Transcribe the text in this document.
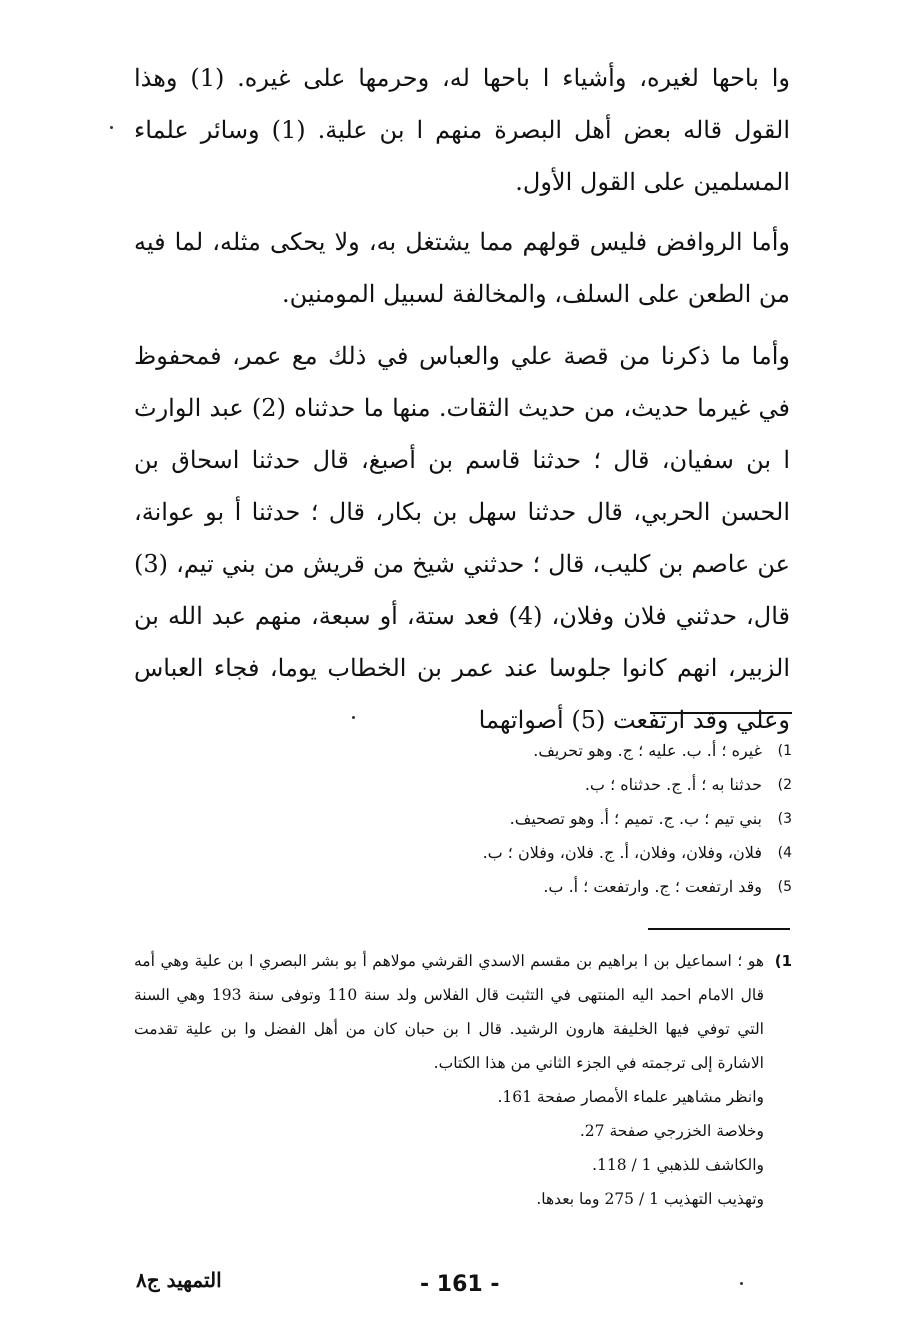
وا باحها لغيره، وأشياء ا باحها له، وحرمها على غيره. (1) وهذا القول قاله بعض أهل البصرة منهم ا بن علية. (1) وسائر علماء المسلمين على القول الأول.

وأما الروافض فليس قولهم مما يشتغل به، ولا يحكى مثله، لما فيه من الطعن على السلف، والمخالفة لسبيل المومنين.

وأما ما ذكرنا من قصة علي والعباس في ذلك مع عمر، فمحفوظ في غيرما حديث، من حديث الثقات. منها ما حدثناه (2) عبد الوارث ا بن سفيان، قال ؛ حدثنا قاسم بن أصبغ، قال حدثنا اسحاق بن الحسن الحربي، قال حدثنا سهل بن بكار، قال ؛ حدثنا أ بو عوانة، عن عاصم بن كليب، قال ؛ حدثني شيخ من قريش من بني تيم، (3) قال، حدثني فلان وفلان، (4) فعد ستة، أو سبعة، منهم عبد الله بن الزبير، انهم كانوا جلوسا عند عمر بن الخطاب يوما، فجاء العباس وعلي وقد ارتفعت (5) أصواتهما

1)
غيره ؛ أ. ب. عليه ؛ ج. وهو تحريف.
2)
حدثنا به ؛ أ. ج. حدثناه ؛ ب.
3)
بني تيم ؛ ب. ج. تميم ؛ أ. وهو تصحيف.
4)
فلان، وفلان، وفلان، أ. ج. فلان، وفلان ؛ ب.
5)
وقد ارتفعت ؛ ج. وارتفعت ؛ أ. ب.
1)

هو ؛ اسماعيل بن ا براهيم بن مقسم الاسدي القرشي مولاهم أ بو بشر البصري ا بن علية وهي أمه قال الامام احمد اليه المنتهى في التثبت قال الفلاس ولد سنة 110 وتوفى سنة 193 وهي السنة التي توفي فيها الخليفة هارون الرشيد. قال ا بن حبان كان من أهل الفضل وا بن علية تقدمت الاشارة إلى ترجمته في الجزء الثاني من هذا الكتاب.

وانظر مشاهير علماء الأمصار صفحة 161.

وخلاصة الخزرجي صفحة 27.

والكاشف للذهبي 1 / 118.

وتهذيب التهذيب 1 / 275 وما بعدها.

التمهيد ج٨	- 161 -
